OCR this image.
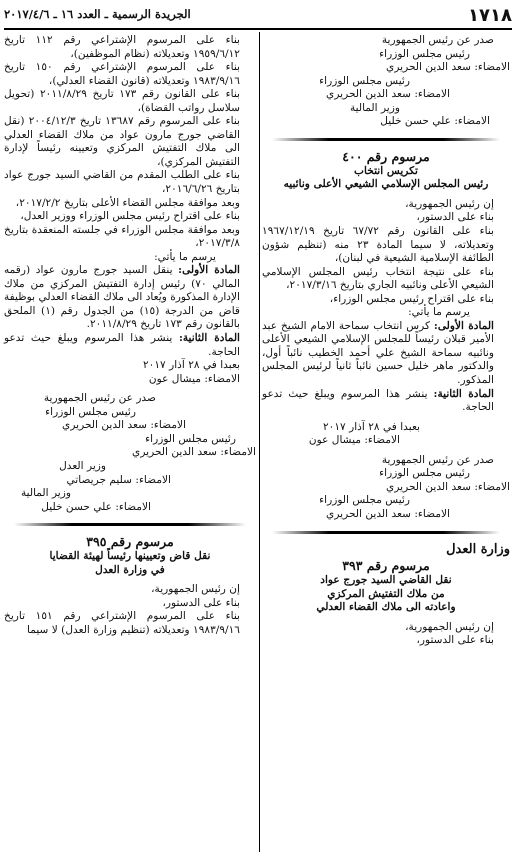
١٧١٨
الجريدة الرسمية ـ العدد ١٦ ـ ٢٠١٧/٤/٦

صدر عن رئيس الجمهورية

رئيس مجلس الوزراء

الامضاء: سعد الدين الحريري

رئيس مجلس الوزراء

الامضاء: سعد الدين الحريري

وزير المالية

الامضاء: علي حسن خليل

مرسوم رقم ٤٠٠

تكريس انتخاب

رئيس المجلس الإسلامي الشيعي الأعلى ونائبيه

إن رئيس الجمهورية،

بناء على الدستور،

بناء على القانون رقم ٦٧/٧٢ تاريخ ١٩٦٧/١٢/١٩ وتعديلاته، لا سيما المادة ٢٣ منه (تنظيم شؤون الطائفة الإسلامية الشيعية في لبنان)،

بناء على نتيجة انتخاب رئيس المجلس الإسلامي الشيعي الأعلى ونائبيه الجاري بتاريخ ٢٠١٧/٣/١٦،

بناء على اقتراح رئيس مجلس الوزراء،

يرسم ما يأتي:

المادة الأولى: كرس انتخاب سماحة الامام الشيخ عبد الأمير قبلان رئيساً للمجلس الإسلامي الشيعي الأعلى ونائبيه سماحة الشيخ علي أحمد الخطيب نائباً أول، والدكتور ماهر خليل حسين نائباً ثانياً لرئيس المجلس المذكور.

المادة الثانية: ينشر هذا المرسوم ويبلغ حيث تدعو الحاجة.

بعبدا في ٢٨ آذار ٢٠١٧

الامضاء: ميشال عون

صدر عن رئيس الجمهورية

رئيس مجلس الوزراء

الامضاء: سعد الدين الحريري

رئيس مجلس الوزراء

الامضاء: سعد الدين الحريري

وزارة العدل

مرسوم رقم ٣٩٣

نقل القاضي السيد جورج عواد

من ملاك التفتيش المركزي

واعادته الى ملاك القضاء العدلي

إن رئيس الجمهورية،

بناء على الدستور،

بناء على المرسوم الإشتراعي رقم ١١٢ تاريخ ١٩٥٩/٦/١٢ وتعديلاته (نظام الموظفين)،

بناء على المرسوم الإشتراعي رقم ١٥٠ تاريخ ١٩٨٣/٩/١٦ وتعديلاته (قانون القضاء العدلي)،

بناء على القانون رقم ١٧٣ تاريخ ٢٠١١/٨/٢٩ (تحويل سلاسل رواتب القضاة)،

بناء على المرسوم رقم ١٣٦٨٧ تاريخ ٢٠٠٤/١٢/٣ (نقل القاضي جورج مارون عواد من ملاك القضاء العدلي الى ملاك التفتيش المركزي وتعيينه رئيساً لإدارة التفتيش المركزي)،

بناء على الطلب المقدم من القاضي السيد جورج عواد بتاريخ ٢٠١٦/٦/٢٦،

وبعد موافقة مجلس القضاء الأعلى بتاريخ ٢٠١٧/٢/٢،

بناء على اقتراح رئيس مجلس الوزراء ووزير العدل،

وبعد موافقة مجلس الوزراء في جلسته المنعقدة بتاريخ ٢٠١٧/٣/٨،

يرسم ما يأتي:

المادة الأولى: ينقل السيد جورج مارون عواد (رقمه المالي ٧٠) رئيس إدارة التفتيش المركزي من ملاك الإدارة المذكورة ويُعاد الى ملاك القضاء العدلي بوظيفة قاض من الدرجة (١٥) من الجدول رقم (١) الملحق بالقانون رقم ١٧٣ تاريخ ٢٠١١/٨/٢٩.

المادة الثانية: ينشر هذا المرسوم ويبلغ حيث تدعو الحاجة.

بعبدا في ٢٨ آذار ٢٠١٧

الامضاء: ميشال عون

صدر عن رئيس الجمهورية

رئيس مجلس الوزراء

الامضاء: سعد الدين الحريري

رئيس مجلس الوزراء

الامضاء: سعد الدين الحريري

وزير العدل

الامضاء: سليم جريصاتي

وزير المالية

الامضاء: علي حسن خليل

مرسوم رقم ٣٩٥

نقل قاض وتعيينها رئيساً لهيئة القضايا

في وزارة العدل

إن رئيس الجمهورية،

بناء على الدستور،

بناء على المرسوم الإشتراعي رقم ١٥١ تاريخ ١٩٨٣/٩/١٦ وتعديلاته (تنظيم وزارة العدل) لا سيما
